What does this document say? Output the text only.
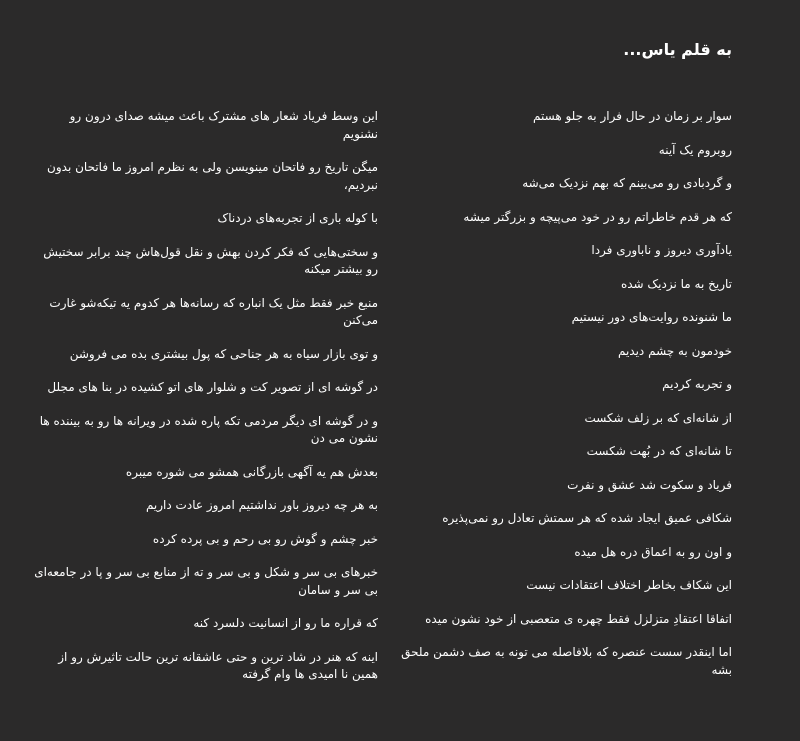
به قلم یاس...

سوار بر زمان در حال فرار به جلو هستم

روبروم یک آینه

و گردبادی رو می‌بینم که بهم نزدیک می‌شه

که هر قدم خاطراتم رو در خود می‌پیچه و بزرگتر میشه

یادآوری دیروز و ناباوری فردا

تاریخ به ما نزدیک شده

ما شنونده روایت‌های دور نیستیم

خودمون به چشم دیدیم

و تجربه کردیم

از شانه‌ای که بر زلف شکست

تا شانه‌ای که در بُهت شکست

فریاد و سکوت شد عشق و نفرت

شکافی عمیق ایجاد شده که هر سمتش تعادل رو نمی‌پذیره

و اون رو به اعماق دره هل میده

این شکاف بخاطر اختلاف اعتقادات نیست

اتفاقا اعتقادِ متزلزل فقط چهره ی متعصبی از خود نشون میده

اما اینقدر سست عنصره که بلافاصله می تونه به صف دشمن ملحق بشه

این وسط فریاد شعار های مشترک باعث میشه صدای درون رو نشنویم

میگن تاریخ رو فاتحان مینویسن ولی به نظرم امروز ما فاتحان بدون نبردیم،

با کوله باری از تجربه‌های دردناک

و سختی‌هایی که فکر کردن بهش و نقل قول‌هاش چند برابر سختیش رو بیشتر میکنه

منبع خبر فقط مثل یک انباره که رسانه‌ها هر کدوم یه تیکه‌شو غارت می‌کنن

و توی بازار سیاه به هر جناحی که پول بیشتری بده می فروشن

در گوشه ای از تصویر کت و شلوار های اتو کشیده در بنا های مجلل

و در گوشه ای دیگر مردمی تکه پاره شده در ویرانه ها رو به بیننده ها نشون می دن

بعدش هم یه آگهی بازرگانی همشو می شوره میبره

به هر چه دیروز باور نداشتیم امروز عادت داریم

خبر چشم و گوش رو بی رحم و بی پرده کرده

خبرهای بی سر و شکل و بی سر و ته از منابع بی سر و پا در جامعه‌ای بی سر و سامان

که قراره ما رو از انسانیت دلسرد کنه

اینه که هنر در شاد ترین و حتی عاشقانه ترین حالت تاثیرش رو از همین نا امیدی ها وام گرفته
